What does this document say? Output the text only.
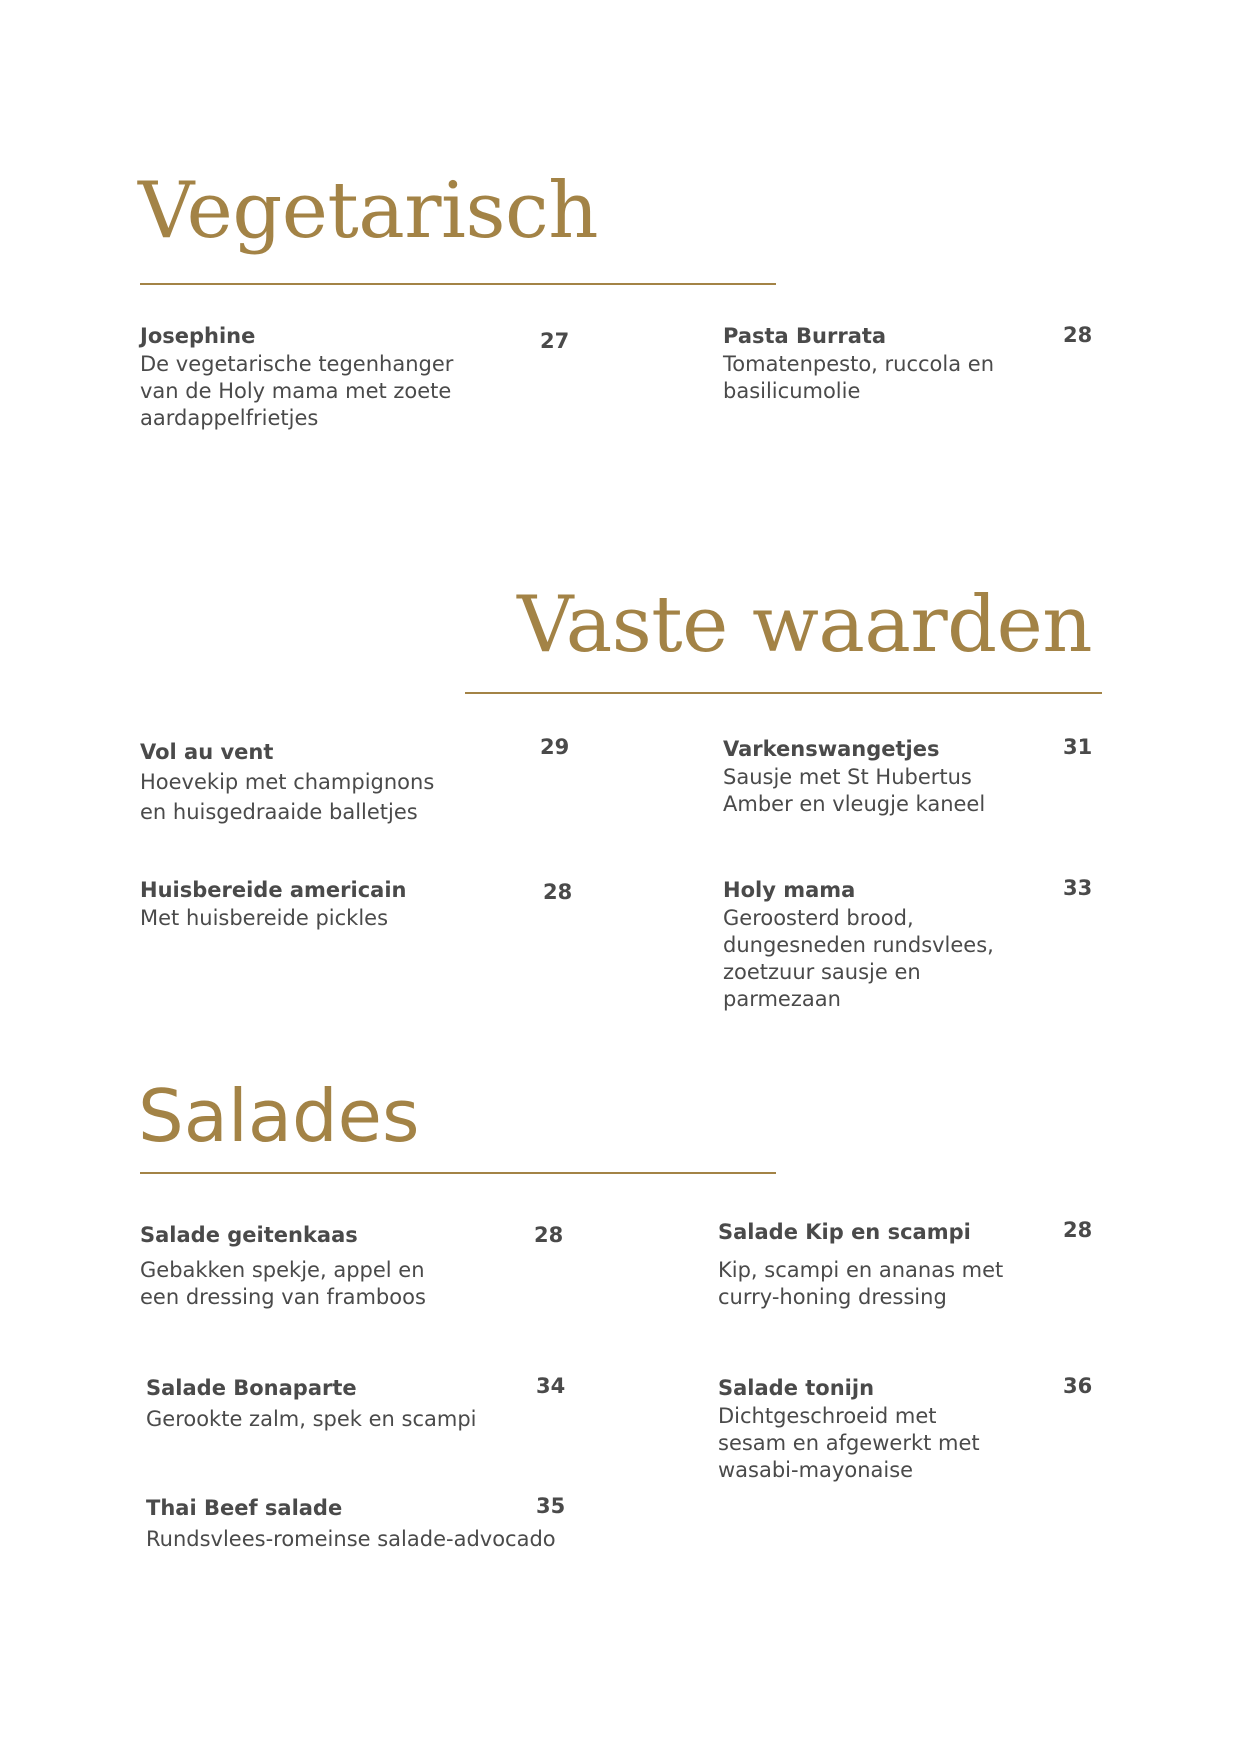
Vegetarisch
Josephine
De vegetarische tegenhanger van de Holy mama met zoete aardappelfrietjes
27	Pasta Burrata
Tomatenpesto, ruccola en basilicumolie
28
Vaste waarden
Vol au vent
Hoevekip met champignons en huisgedraaide balletjes
29	Varkenswangetjes
Sausje met St Hubertus Amber en vleugje kaneel
31
Huisbereide americain
Met huisbereide pickles
28	Holy mama
Geroosterd brood, dungesneden rundsvlees, zoetzuur sausje en parmezaan
33
Salades
Salade geitenkaas
Gebakken spekje, appel en een dressing van framboos
28	Salade Kip en scampi
Kip, scampi en ananas met curry-honing dressing
28
Salade Bonaparte
Gerookte zalm, spek en scampi
34	Salade tonijn
Dichtgeschroeid met sesam en afgewerkt met wasabi-mayonaise
36
Thai Beef salade
Rundsvlees-romeinse salade-advocado
35
